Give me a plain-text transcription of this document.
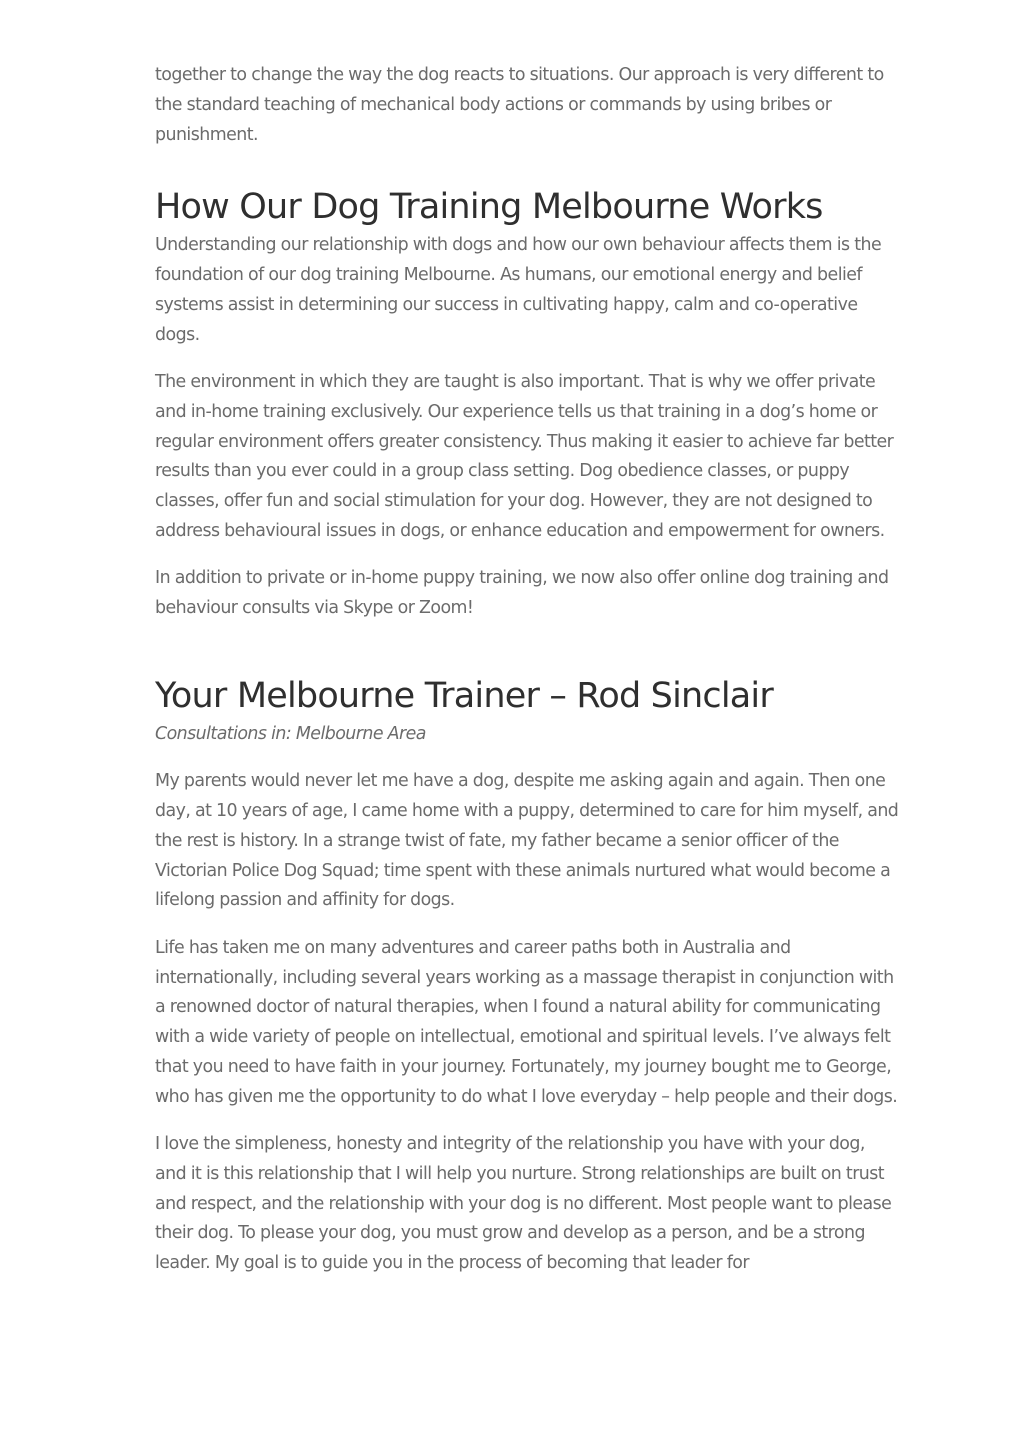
together to change the way the dog reacts to situations. Our approach is very different to the standard teaching of mechanical body actions or commands by using bribes or punishment.

How Our Dog Training Melbourne Works

Understanding our relationship with dogs and how our own behaviour affects them is the foundation of our dog training Melbourne. As humans, our emotional energy and belief systems assist in determining our success in cultivating happy, calm and co-operative dogs.

The environment in which they are taught is also important. That is why we offer private and in-home training exclusively. Our experience tells us that training in a dog’s home or regular environment offers greater consistency. Thus making it easier to achieve far better results than you ever could in a group class setting. Dog obedience classes, or puppy classes, offer fun and social stimulation for your dog. However, they are not designed to address behavioural issues in dogs, or enhance education and empowerment for owners.

In addition to private or in-home puppy training, we now also offer online dog training and behaviour consults via Skype or Zoom!

Your Melbourne Trainer – Rod Sinclair

Consultations in: Melbourne Area

My parents would never let me have a dog, despite me asking again and again. Then one day, at 10 years of age, I came home with a puppy, determined to care for him myself, and the rest is history. In a strange twist of fate, my father became a senior officer of the Victorian Police Dog Squad; time spent with these animals nurtured what would become a lifelong passion and affinity for dogs.

Life has taken me on many adventures and career paths both in Australia and internationally, including several years working as a massage therapist in conjunction with a renowned doctor of natural therapies, when I found a natural ability for communicating with a wide variety of people on intellectual, emotional and spiritual levels. I’ve always felt that you need to have faith in your journey. Fortunately, my journey bought me to George, who has given me the opportunity to do what I love everyday – help people and their dogs.

I love the simpleness, honesty and integrity of the relationship you have with your dog, and it is this relationship that I will help you nurture. Strong relationships are built on trust and respect, and the relationship with your dog is no different. Most people want to please their dog. To please your dog, you must grow and develop as a person, and be a strong leader. My goal is to guide you in the process of becoming that leader for
